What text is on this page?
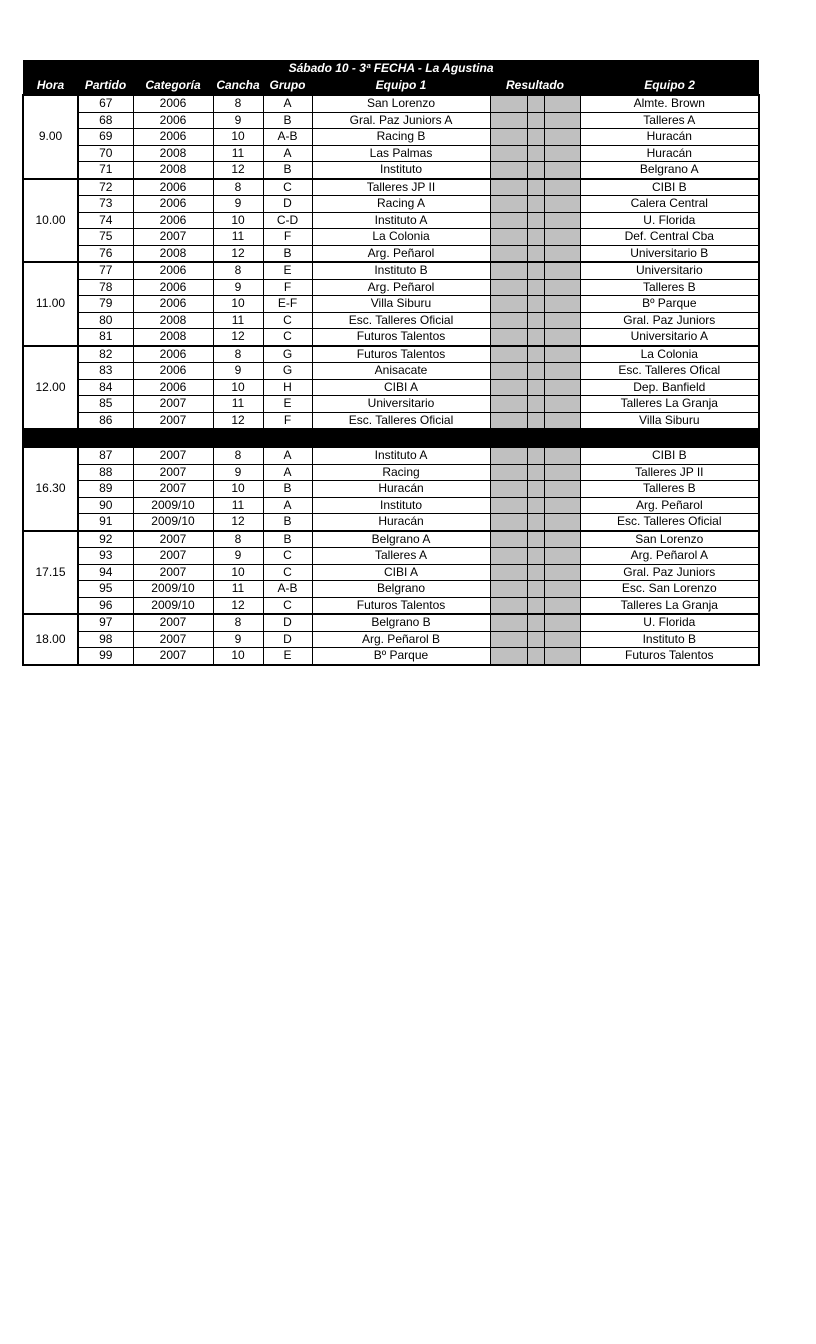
Sábado 10 - 3ª FECHA - La Agustina									
Hora	Partido	Categoría	Cancha	Grupo	Equipo 1	Resultado			Equipo 2
9.00	67	2006	8	A	San Lorenzo				Almte. Brown
	68	2006	9	B	Gral. Paz Juniors A				Talleres A
	69	2006	10	A-B	Racing B				Huracán
	70	2008	11	A	Las Palmas				Huracán
	71	2008	12	B	Instituto				Belgrano A
10.00	72	2006	8	C	Talleres JP II				CIBI B
	73	2006	9	D	Racing A				Calera Central
	74	2006	10	C-D	Instituto A				U. Florida
	75	2007	11	F	La Colonia				Def. Central Cba
	76	2008	12	B	Arg. Peñarol				Universitario B
11.00	77	2006	8	E	Instituto B				Universitario
	78	2006	9	F	Arg. Peñarol				Talleres B
	79	2006	10	E-F	Villa Siburu				Bº Parque
	80	2008	11	C	Esc. Talleres Oficial				Gral. Paz Juniors
	81	2008	12	C	Futuros Talentos				Universitario A
12.00	82	2006	8	G	Futuros Talentos				La Colonia
	83	2006	9	G	Anisacate				Esc. Talleres Ofical
	84	2006	10	H	CIBI A				Dep. Banfield
	85	2007	11	E	Universitario				Talleres La Granja
	86	2007	12	F	Esc. Talleres Oficial				Villa Siburu

16.30	87	2007	8	A	Instituto A				CIBI B
	88	2007	9	A	Racing				Talleres JP II
	89	2007	10	B	Huracán				Talleres B
	90	2009/10	11	A	Instituto				Arg. Peñarol
	91	2009/10	12	B	Huracán				Esc. Talleres Oficial
17.15	92	2007	8	B	Belgrano A				San Lorenzo
	93	2007	9	C	Talleres A				Arg. Peñarol A
	94	2007	10	C	CIBI A				Gral. Paz Juniors
	95	2009/10	11	A-B	Belgrano				Esc. San Lorenzo
	96	2009/10	12	C	Futuros Talentos				Talleres La Granja
18.00	97	2007	8	D	Belgrano B				U. Florida
	98	2007	9	D	Arg. Peñarol B				Instituto B
	99	2007	10	E	Bº Parque				Futuros Talentos
